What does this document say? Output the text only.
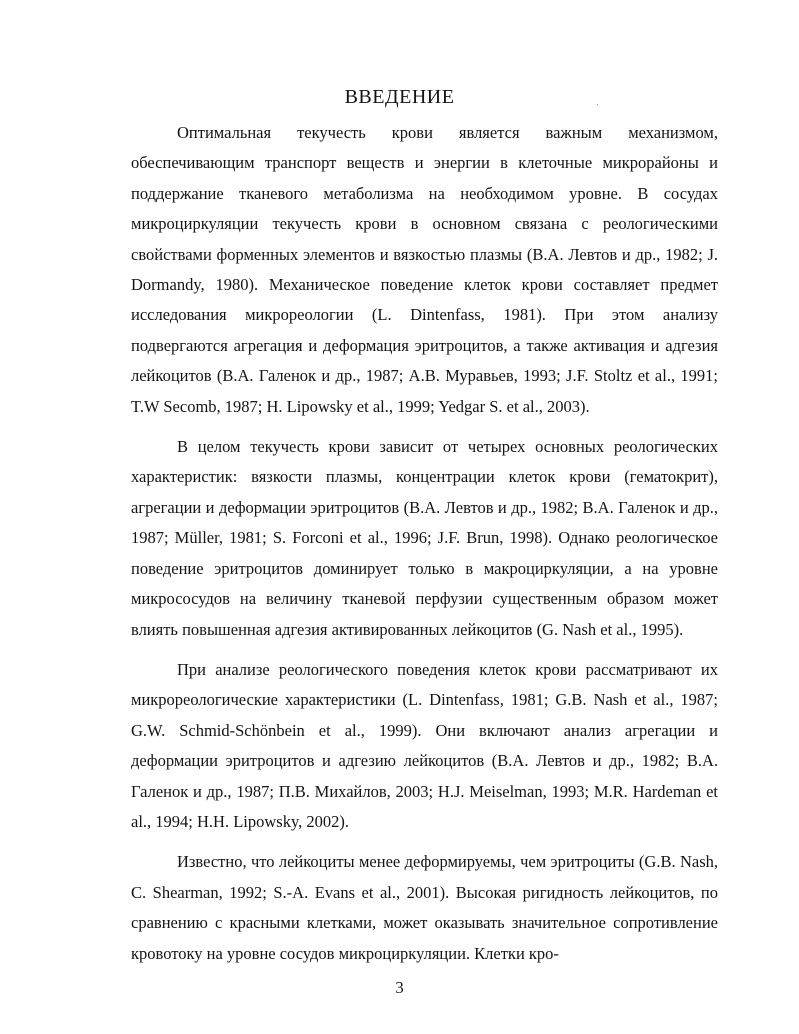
ВВЕДЕНИЕ

Оптимальная текучесть крови является важным механизмом, обеспечивающим транспорт веществ и энергии в клеточные микрорайоны и поддержание тканевого метаболизма на необходимом уровне. В сосудах микроциркуляции текучесть крови в основном связана с реологическими свойствами форменных элементов и вязкостью плазмы (В.А. Левтов и др., 1982; J. Dormandy, 1980). Механическое поведение клеток крови составляет предмет исследования микрореологии (L. Dintenfass, 1981). При этом анализу подвергаются агрегация и деформация эритроцитов, а также активация и адгезия лейкоцитов (В.А. Галенок и др., 1987; А.В. Муравьев, 1993; J.F. Stoltz et al., 1991; T.W Secomb, 1987; H. Lipowsky et al., 1999; Yedgar S. et al., 2003).

В целом текучесть крови зависит от четырех основных реологических характеристик: вязкости плазмы, концентрации клеток крови (гематокрит), агрегации и деформации эритроцитов (В.А. Левтов и др., 1982; В.А. Галенок и др., 1987; Müller, 1981; S. Forconi et al., 1996; J.F. Brun, 1998). Однако реологическое поведение эритроцитов доминирует только в макроциркуляции, а на уровне микрососудов на величину тканевой перфузии существенным образом может влиять повышенная адгезия активированных лейкоцитов (G. Nash et al., 1995).

При анализе реологического поведения клеток крови рассматривают их микрореологические характеристики (L. Dintenfass, 1981; G.B. Nash et al., 1987; G.W. Schmid-Schönbein et al., 1999). Они включают анализ агрегации и деформации эритроцитов и адгезию лейкоцитов (В.А. Левтов и др., 1982; В.А. Галенок и др., 1987; П.В. Михайлов, 2003; H.J. Meiselman, 1993; M.R. Hardeman et al., 1994; H.H. Lipowsky, 2002).

Известно, что лейкоциты менее деформируемы, чем эритроциты (G.B. Nash, C. Shearman, 1992; S.-A. Evans et al., 2001). Высокая ригидность лейкоцитов, по сравнению с красными клетками, может оказывать значительное сопротивление кровотоку на уровне сосудов микроциркуляции. Клетки кро-

3
